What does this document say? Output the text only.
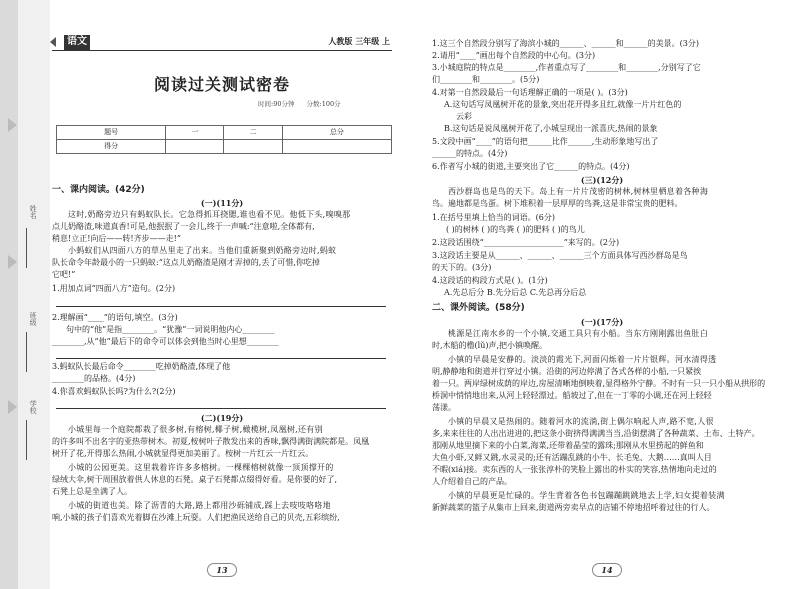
姓名
班级
学校
语文	人教版 三年级 上
阅读过关测试密卷
时间:90分钟 分数:100分
题号	一	二	总分
得分			
一、课内阅读。(42分)
(一)(11分)
这时,奶酪旁边只有蚂蚁队长。它急得抓耳挠腮,谁也看不见。他低下头,嗅嗅那
点儿奶酪渣,味道真香!可是,他抿抿了一会儿,终于一声喊:“注意啦,全体都有,
稍息!立正!向后——转!齐步——走!”
小蚂蚁们从四面八方的草丛里走了出来。当他们重新聚到奶酪旁边时,蚂蚁
队长命令年龄最小的一只蚂蚁:“这点儿奶酪渣是刚才弄掉的,丢了可惜,你吃掉
它吧!”
1.用加点词“四面八方”造句。(2分)
2.理解画“____”的语句,填空。(3分)
句中的“他”是指________。“犹豫”一词说明他内心________
________,从“他”最后下的命令可以体会到他当时心里想________
3.蚂蚁队长最后命令________吃掉奶酪渣,体现了他
________的品格。(4分)
4.你喜欢蚂蚁队长吗?为什么?(2分)
(二)(19分)
小城里每一个庭院都栽了很多树,有榕树,椰子树,橄榄树,凤凰树,还有别
的许多叫不出名字的亚热带树木。初夏,桉树叶子散发出来的香味,飘得满街满院都是。凤凰
树开了花,开得那么热闹,小城就显得更加美丽了。桉树一片红云一片红云。
小城的公园更美。这里栽着许许多多榕树。一棵棵榕树就像一顶顶撑开的
绿绒大伞,树干周围放着供人休息的石凳。桌子石凳都点缀得好看。是你要的好了,
石凳上总是坐满了人。
小城的街道也美。除了沥青的大路,路上都用沙砾铺成,踩上去吱吱咯咯地
响,小城的孩子们喜欢光着脚在沙滩上玩耍。人们把渔民送给自己的贝壳,五彩缤纷,
13
1.这三个自然段分别写了海滨小城的______、______和______的美景。(3分)
2.请用“____”画出每个自然段的中心句。(3分)
3.小城庭院的特点是________,作者重点写了________和________,分别写了它
们________和________。(5分)
4.对第一自然段最后一句话理解正确的一项是( )。(3分)
A.这句话写凤凰树开花的景象,突出花开得多且红,就像一片片红色的
云彩
B.这句话是说凤凰树开花了,小城呈现出一派喜庆,热闹的景象
5.文段中画“____”的语句把______比作______,生动形象地写出了
______的特点。(4分)
6.作者写小城的街道,主要突出了它______的特点。(4分)
(三)(12分)
西沙群岛也是鸟的天下。岛上有一片片茂密的树林,树林里栖息着各种海
鸟。遍地都是鸟蛋。树下堆积着一层厚厚的鸟粪,这是非常宝贵的肥料。
1.在括号里填上恰当的词语。(6分)
( )的树林 ( )的鸟粪 ( )的肥料 ( )的鸟儿
2.这段话围绕“____________________”来写的。(2分)
3.这段话主要是从______、______、______三个方面具体写西沙群岛是鸟
的天下的。(3分)
4.这段话的构段方式是( )。(1分)
A.先总后分 B.先分后总 C.先总再分后总
二、课外阅读。(58分)
(一)(17分)
桃源是江南水乡的一个小镇,交通工具只有小船。当东方刚刚露出鱼肚白
时,木船的橹(lǔ)声,把小镇唤醒。
小镇的早晨是安静的。淡淡的霞光下,河面闪烁着一片片银辉。河水清得透
明,静静地和街道并行穿过小镇。沿街的河边停满了各式各样的小船,一只紧挨
着一只。两岸绿树成荫的岸边,房屋清晰地倒映着,显得格外宁静。不时有一只一只小船从拱形的
桥洞中悄悄地出来,从河上轻轻漂过。船坡过了,但在一丁零的小调,还在河上轻轻
荡漾。
小镇的早晨又是热闹的。随着河水的流淌,街上偶尔响起人声,路不宽,人很
多,来来往往的人出出进进的,把这条小街挤得满满当当,沿街摆满了各种蔬菜、土布、土特产。
那刚从地里摘下来的小白菜,海菜,还带着晶莹的露珠;那刚从水里捞起的鲜鱼和
大鱼小虾,又鲜又跳,水灵灵的;还有活蹦乱跳的小牛、长毛兔、大鹅……真叫人目
不暇(xiá)接。卖东西的人一张张淳朴的笑脸上露出的朴实的笑容,热情地向走过的
人介绍着自己的产品。
小镇的早晨更是忙碌的。学生背着各色书包蹦蹦跳跳地去上学,妇女提着装满
新鲜蔬菜的篮子从集市上回来,街道两旁卖早点的店铺不停地招呼着过往的行人。
14
